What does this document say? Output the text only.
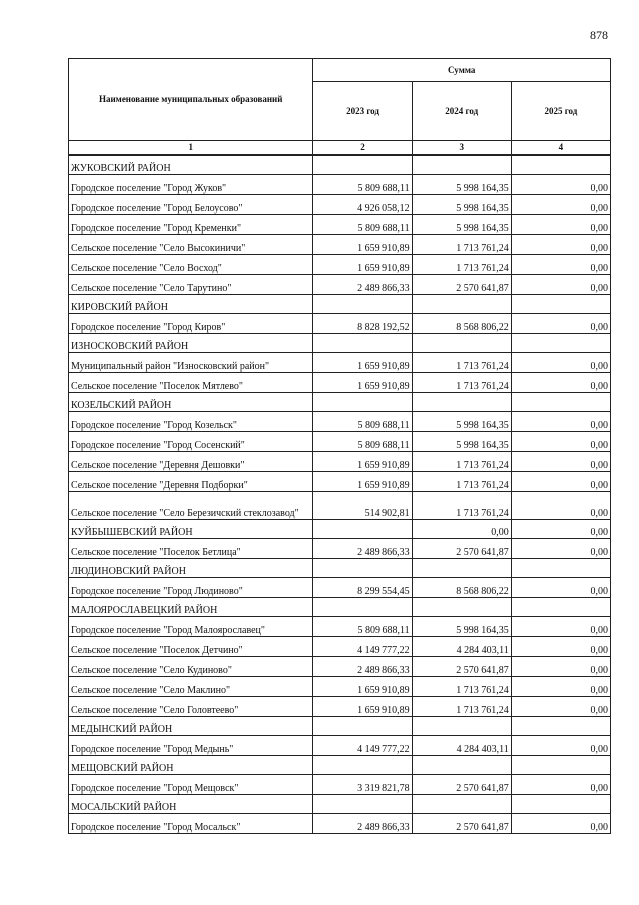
878
Наименование муниципальных образований	Сумма		
	2023 год	2024 год	2025 год
1	2	3	4
ЖУКОВСКИЙ РАЙОН			
Городское поселение "Город Жуков"	5 809 688,11	5 998 164,35	0,00
Городское поселение "Город Белоусово"	4 926 058,12	5 998 164,35	0,00
Городское поселение "Город Кременки"	5 809 688,11	5 998 164,35	0,00
Сельское поселение "Село Высокиничи"	1 659 910,89	1 713 761,24	0,00
Сельское поселение "Село Восход"	1 659 910,89	1 713 761,24	0,00
Сельское поселение "Село Тарутино"	2 489 866,33	2 570 641,87	0,00
КИРОВСКИЙ РАЙОН			
Городское поселение "Город Киров"	8 828 192,52	8 568 806,22	0,00
ИЗНОСКОВСКИЙ РАЙОН			
Муниципальный район "Износковский район"	1 659 910,89	1 713 761,24	0,00
Сельское поселение "Поселок Мятлево"	1 659 910,89	1 713 761,24	0,00
КОЗЕЛЬСКИЙ РАЙОН			
Городское поселение "Город Козельск"	5 809 688,11	5 998 164,35	0,00
Городское поселение "Город Сосенский"	5 809 688,11	5 998 164,35	0,00
Сельское поселение "Деревня Дешовки"	1 659 910,89	1 713 761,24	0,00
Сельское поселение "Деревня Подборки"	1 659 910,89	1 713 761,24	0,00
Сельское поселение "Село Березичский стеклозавод"	514 902,81	1 713 761,24	0,00
КУЙБЫШЕВСКИЙ РАЙОН		0,00	0,00
Сельское поселение "Поселок Бетлица"	2 489 866,33	2 570 641,87	0,00
ЛЮДИНОВСКИЙ РАЙОН			
Городское поселение "Город Людиново"	8 299 554,45	8 568 806,22	0,00
МАЛОЯРОСЛАВЕЦКИЙ РАЙОН			
Городское поселение "Город Малоярославец"	5 809 688,11	5 998 164,35	0,00
Сельское поселение "Поселок Детчино"	4 149 777,22	4 284 403,11	0,00
Сельское поселение "Село Кудиново"	2 489 866,33	2 570 641,87	0,00
Сельское поселение "Село Маклино"	1 659 910,89	1 713 761,24	0,00
Сельское поселение "Село Головтеево"	1 659 910,89	1 713 761,24	0,00
МЕДЫНСКИЙ РАЙОН			
Городское поселение "Город Медынь"	4 149 777,22	4 284 403,11	0,00
МЕЩОВСКИЙ РАЙОН			
Городское поселение "Город Мещовск"	3 319 821,78	2 570 641,87	0,00
МОСАЛЬСКИЙ РАЙОН			
Городское поселение "Город Мосальск"	2 489 866,33	2 570 641,87	0,00
